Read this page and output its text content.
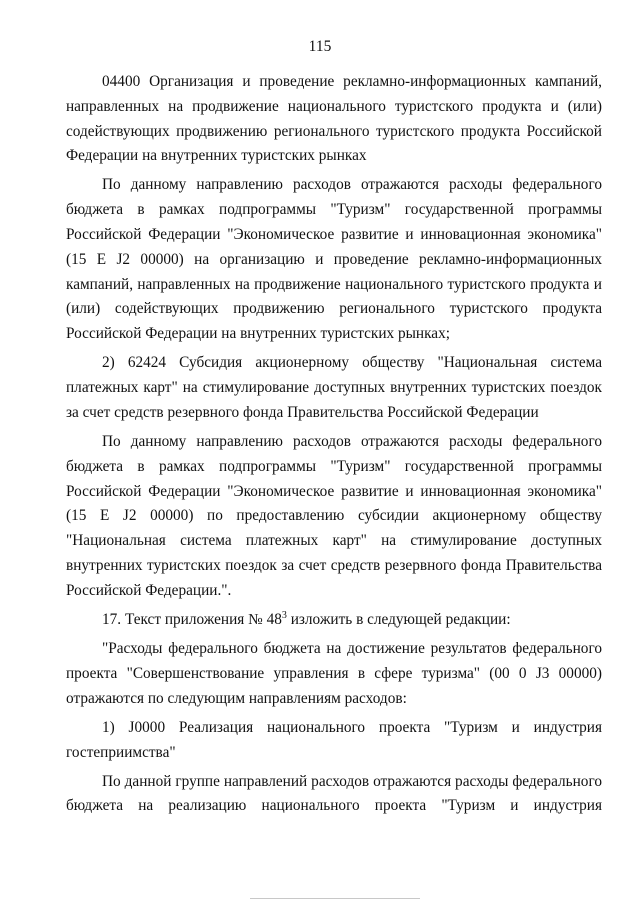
115

04400 Организация и проведение рекламно-информационных кампаний, направленных на продвижение национального туристского продукта и (или) содействующих продвижению регионального туристского продукта Российской Федерации на внутренних туристских рынках

По данному направлению расходов отражаются расходы федерального бюджета в рамках подпрограммы "Туризм" государственной программы Российской Федерации "Экономическое развитие и инновационная экономика" (15 Е J2 00000) на организацию и проведение рекламно-информационных кампаний, направленных на продвижение национального туристского продукта и (или) содействующих продвижению регионального туристского продукта Российской Федерации на внутренних туристских рынках;

2) 62424 Субсидия акционерному обществу "Национальная система платежных карт" на стимулирование доступных внутренних туристских поездок за счет средств резервного фонда Правительства Российской Федерации

По данному направлению расходов отражаются расходы федерального бюджета в рамках подпрограммы "Туризм" государственной программы Российской Федерации "Экономическое развитие и инновационная экономика" (15 Е J2 00000) по предоставлению субсидии акционерному обществу "Национальная система платежных карт" на стимулирование доступных внутренних туристских поездок за счет средств резервного фонда Правительства Российской Федерации.".

17. Текст приложения № $48^3$ изложить в следующей редакции:

"Расходы федерального бюджета на достижение результатов федерального проекта "Совершенствование управления в сфере туризма" (00 0 J3 00000) отражаются по следующим направлениям расходов:

1) J0000 Реализация национального проекта "Туризм и индустрия гостеприимства"

По данной группе направлений расходов отражаются расходы федерального бюджета на реализацию национального проекта "Туризм и индустрия
